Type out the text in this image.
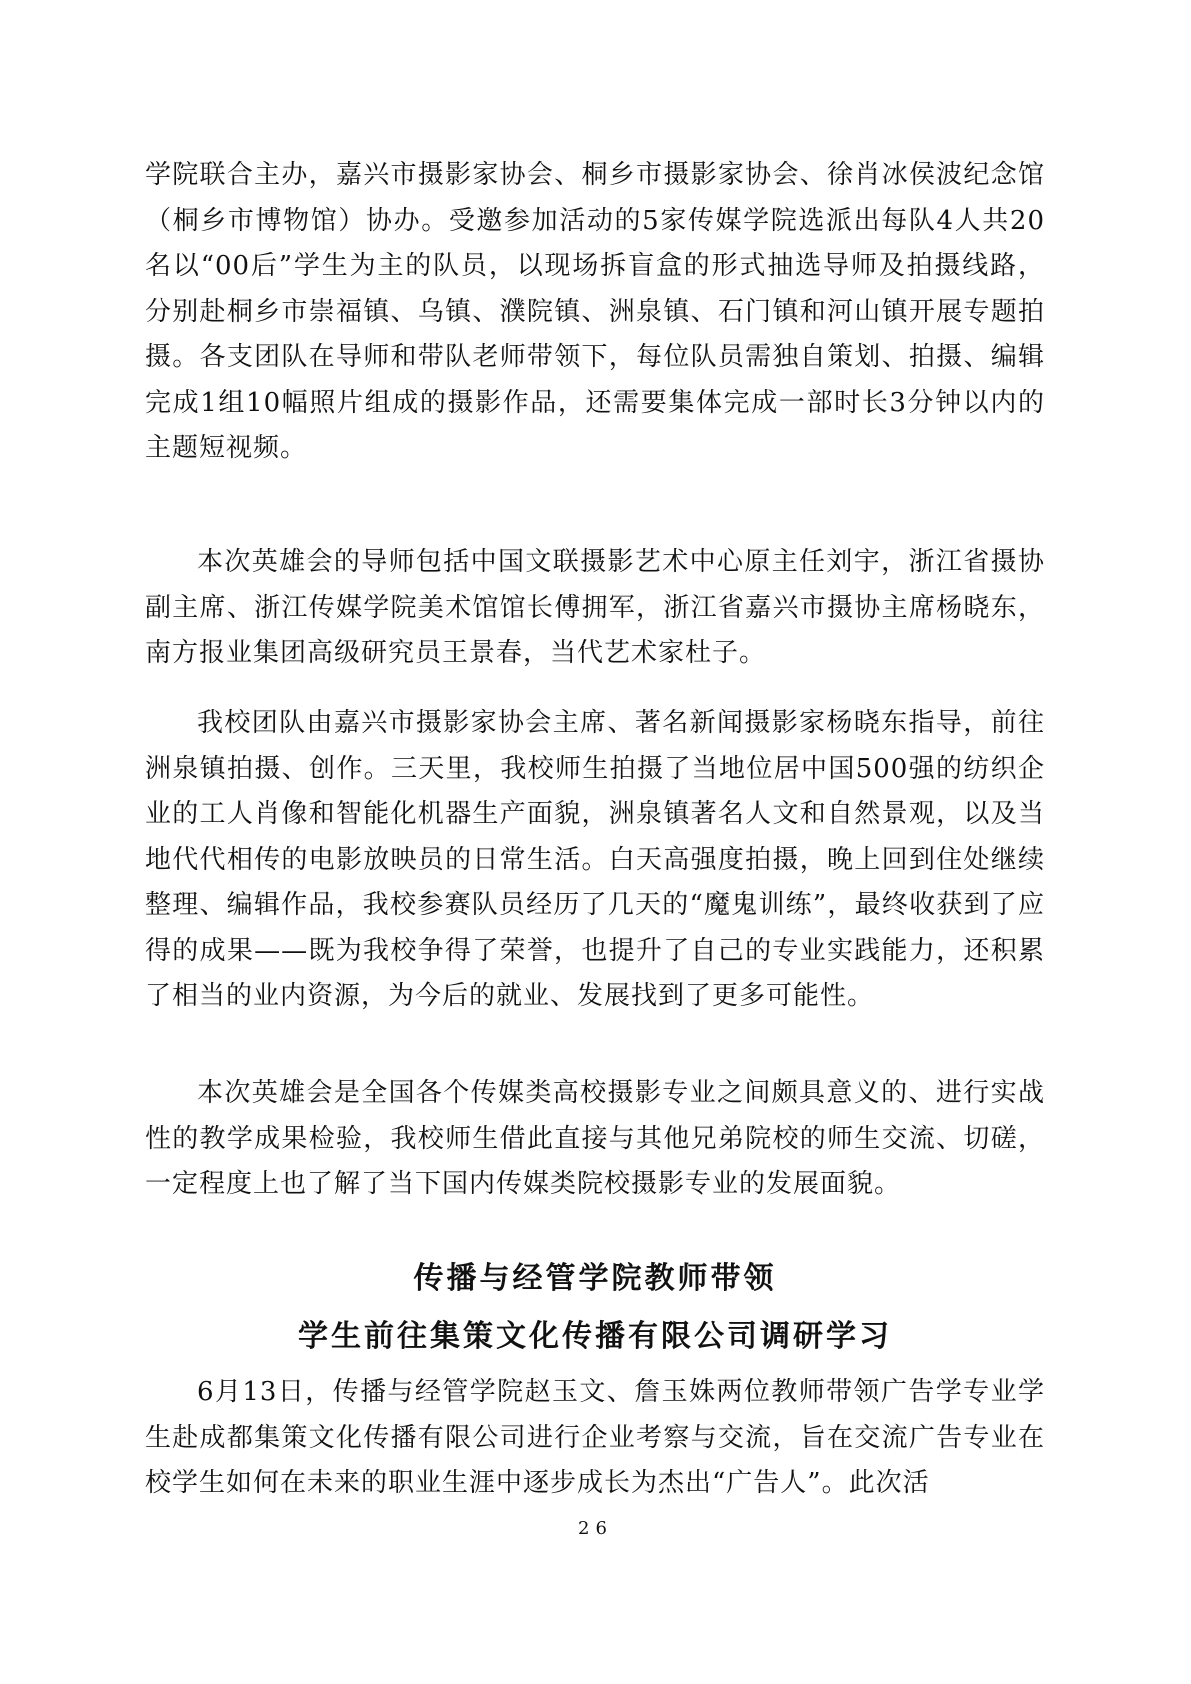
学院联合主办，嘉兴市摄影家协会、桐乡市摄影家协会、徐肖冰侯波纪念馆（桐乡市博物馆）协办。受邀参加活动的5家传媒学院选派出每队4人共20名以“00后”学生为主的队员，以现场拆盲盒的形式抽选导师及拍摄线路，分别赴桐乡市崇福镇、乌镇、濮院镇、洲泉镇、石门镇和河山镇开展专题拍摄。各支团队在导师和带队老师带领下，每位队员需独自策划、拍摄、编辑完成1组10幅照片组成的摄影作品，还需要集体完成一部时长3分钟以内的主题短视频。

本次英雄会的导师包括中国文联摄影艺术中心原主任刘宇，浙江省摄协副主席、浙江传媒学院美术馆馆长傅拥军，浙江省嘉兴市摄协主席杨晓东，南方报业集团高级研究员王景春，当代艺术家杜子。

我校团队由嘉兴市摄影家协会主席、著名新闻摄影家杨晓东指导，前往洲泉镇拍摄、创作。三天里，我校师生拍摄了当地位居中国500强的纺织企业的工人肖像和智能化机器生产面貌，洲泉镇著名人文和自然景观，以及当地代代相传的电影放映员的日常生活。白天高强度拍摄，晚上回到住处继续整理、编辑作品，我校参赛队员经历了几天的“魔鬼训练”，最终收获到了应得的成果——既为我校争得了荣誉，也提升了自己的专业实践能力，还积累了相当的业内资源，为今后的就业、发展找到了更多可能性。

本次英雄会是全国各个传媒类高校摄影专业之间颇具意义的、进行实战性的教学成果检验，我校师生借此直接与其他兄弟院校的师生交流、切磋，一定程度上也了解了当下国内传媒类院校摄影专业的发展面貌。

传播与经管学院教师带领
学生前往集策文化传播有限公司调研学习

6月13日，传播与经管学院赵玉文、詹玉姝两位教师带领广告学专业学生赴成都集策文化传播有限公司进行企业考察与交流，旨在交流广告专业在校学生如何在未来的职业生涯中逐步成长为杰出“广告人”。此次活

26
